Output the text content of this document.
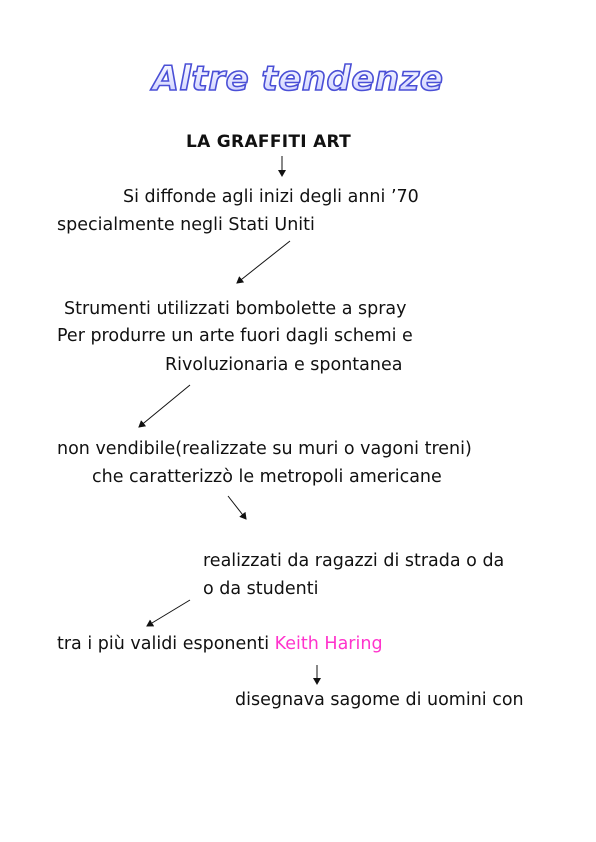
Altre tendenze
LA GRAFFITI ART
Si diffonde agli inizi degli anni ’70
specialmente negli Stati Uniti
Strumenti utilizzati bombolette a spray
Per produrre un arte fuori dagli schemi e
Rivoluzionaria e spontanea
non vendibile(realizzate su muri o vagoni treni)
che caratterizzò le metropoli americane
realizzati da ragazzi di strada o da
o da studenti
tra i più validi esponenti Keith Haring
disegnava sagome di uomini con
